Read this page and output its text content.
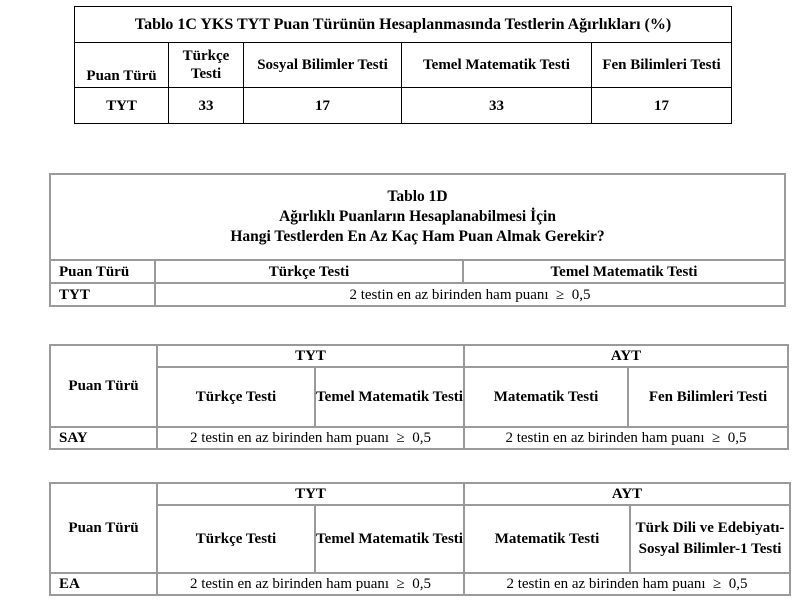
Tablo 1C YKS TYT Puan Türünün Hesaplanmasında Testlerin Ağırlıkları (%)				
Puan Türü	Türkçe Testi	Sosyal Bilimler Testi	Temel Matematik Testi	Fen Bilimleri Testi
TYT	33	17	33	17
Tablo 1D
Ağırlıklı Puanların Hesaplanabilmesi İçin
Hangi Testlerden En Az Kaç Ham Puan Almak Gerekir?		

Puan Türü	Türkçe Testi	Temel Matematik Testi
TYT	2 testin en az birinden ham puanı  ≥  0,5	
Puan Türü	TYT		AYT	
	Türkçe Testi	Temel Matematik Testi	Matematik Testi	Fen Bilimleri Testi
SAY	2 testin en az birinden ham puanı  ≥  0,5		2 testin en az birinden ham puanı  ≥  0,5	
Puan Türü	TYT		AYT	
	Türkçe Testi	Temel Matematik Testi	Matematik Testi	Türk Dili ve Edebiyatı-Sosyal Bilimler-1 Testi
EA	2 testin en az birinden ham puanı  ≥  0,5		2 testin en az birinden ham puanı  ≥  0,5	
